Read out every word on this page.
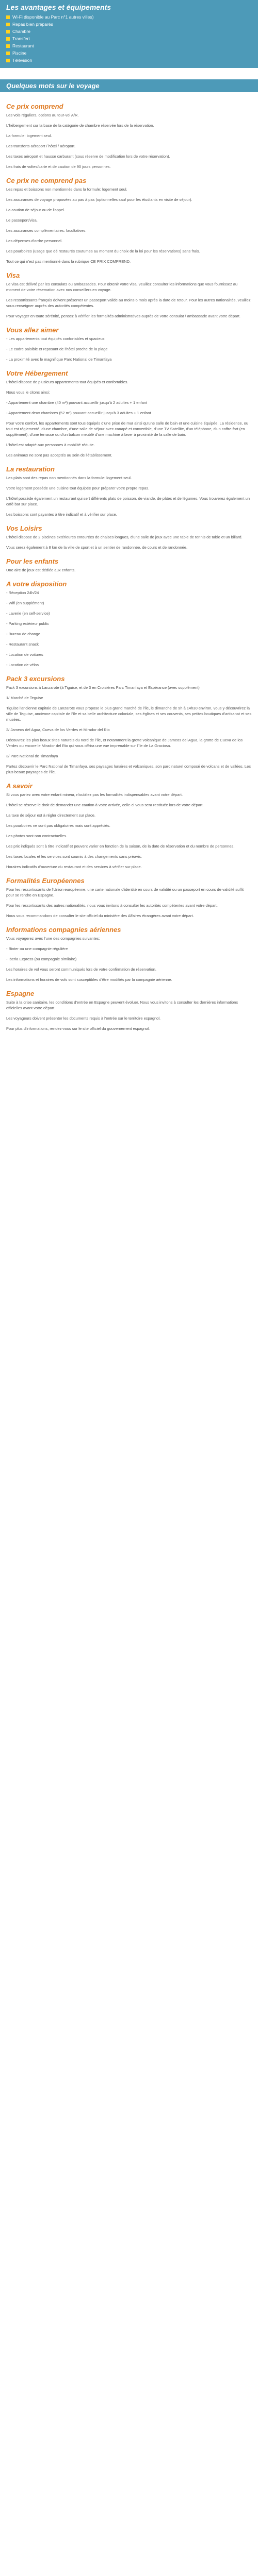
Les avantages et équipements
Wi-Fi disponible au Parc n°1 autres villes)
Repas bien préparés
Chambre
Transfert
Restaurant
Piscine
Télévision
Quelques mots sur le voyage
Ce prix comprend

Les vols réguliers, options au tour-vol A/R.

L'hébergement sur la base de la catégorie de chambre réservée lors de la réservation.

La formule: logement seul.

Les transferts aéroport / hôtel / aéroport.

Les taxes aéroport et hausse carburant (sous réserve de modification lors de votre réservation).

Les frais de voltes/carte et de caution de 90 jours personnes.

Ce prix ne comprend pas

Les repas et boissons non mentionnés dans la formule: logement seul.

Les assurances de voyage proposées au pas à pas (optionnelles sauf pour les étudiants en visite de séjour).

La caution de séjour ou de l'appel.

Le passeport/visa.

Les assurances complémentaires: facultatives.

Les dépenses d'ordre personnel.

Les pourboires (usage que dé restaurés coutumes au moment du choix de la loi pour les réservations) sans frais.

Tout ce qui n'est pas mentionné dans la rubrique CE PRIX COMPREND.

Visa

Le visa est délivré par les consulats ou ambassades. Pour obtenir votre visa, veuillez consulter les informations que vous fournissez au moment de votre réservation avec nos conseillers en voyage.

Les ressortissants français doivent présenter un passeport valide au moins 6 mois après la date de retour. Pour les autres nationalités, veuillez vous renseigner auprès des autorités compétentes.

Pour voyager en toute sérénité, pensez à vérifier les formalités administratives auprès de votre consulat / ambassade avant votre départ.

Vous allez aimer

- Les appartements tout équipés confortables et spacieux

- Le cadre paisible et reposant de l'hôtel proche de la plage

- La proximité avec le magnifique Parc National de Timanfaya

Votre Hébergement

L'hôtel dispose de plusieurs appartements tout équipés et confortables.

Nous vous le citons ainsi:

- Appartement une chambre (40 m²) pouvant accueillir jusqu'à 2 adultes + 1 enfant

- Appartement deux chambres (52 m²) pouvant accueillir jusqu'à 3 adultes + 1 enfant

Pour votre confort, les appartements sont tous équipés d'une prise de mur ainsi qu'une salle de bain et une cuisine équipée. La résidence, ou tout est réglementé, d'une chambre, d'une salle de séjour avec canapé et convertible, d'une TV Satellite, d'un téléphone, d'un coffre-fort (en supplément), d'une terrasse ou d'un balcon meublé d'une machine à laver à proximité de la salle de bain.

L'hôtel est adapté aux personnes à mobilité réduite.

Les animaux ne sont pas acceptés au sein de l'établissement.

La restauration

Les plats sont des repas non mentionnés dans la formule: logement seul.

Votre logement possède une cuisine tout équipée pour préparer votre propre repas.

L'hôtel possède également un restaurant qui sert différents plats de poisson, de viande, de pâtes et de légumes. Vous trouverez également un café bar sur place.

Les boissons sont payantes à titre indicatif et à vérifier sur place.

Vos Loisirs

L'hôtel dispose de 2 piscines extérieures entourées de chaises longues, d'une salle de jeux avec une table de tennis de table et un billard.

Vous serez également à 8 km de la ville de sport et à un sentier de randonnée, de cours et de randonnée.

Pour les enfants

Une aire de jeux est dédiée aux enfants.

A votre disposition

- Réception 24h/24

- Wifi (en supplément)

- Laverie (en self-service)

- Parking extérieur public

- Bureau de change

- Restaurant snack

- Location de voitures

- Location de vélos

Pack 3 excursions

Pack 3 excursions à Lanzarote (à Tiguise, et de 3 en Croisières Parc Timanfaya et Espérance (avec supplément)

1/ Marché de Teguise

Tiguise l'ancienne capitale de Lanzarote vous propose le plus grand marché de l'île, le dimanche de 9h à 14h30 environ, vous y découvrirez la ville de Teguise, ancienne capitale de l'île et sa belle architecture coloniale, ses églises et ses couvents, ses petites boutiques d'artisanat et ses musées.

2/ Jameos del Agua, Cueva de los Verdes et Mirador del Rio

Découvrez les plus beaux sites naturels du nord de l'île, et notamment la grotte volcanique de Jameos del Agua, la grotte de Cueva de los Verdes ou encore le Mirador del Rio qui vous offrira une vue imprenable sur l'île de La Graciosa.

3/ Parc National de Timanfaya

Partez découvrir le Parc National de Timanfaya, ses paysages lunaires et volcaniques, son parc naturel composé de volcans et de vallées. Les plus beaux paysages de l'île.

A savoir

Si vous partez avec votre enfant mineur, n'oubliez pas les formalités indispensables avant votre départ.

L'hôtel se réserve le droit de demander une caution à votre arrivée, celle-ci vous sera restituée lors de votre départ.

La taxe de séjour est à régler directement sur place.

Les pourboires ne sont pas obligatoires mais sont appréciés.

Les photos sont non contractuelles.

Les prix indiqués sont à titre indicatif et peuvent varier en fonction de la saison, de la date de réservation et du nombre de personnes.

Les taxes locales et les services sont soumis à des changements sans préavis.

Horaires indicatifs d'ouverture du restaurant et des services à vérifier sur place.

Formalités Européennes

Pour les ressortissants de l'Union européenne, une carte nationale d'identité en cours de validité ou un passeport en cours de validité suffit pour se rendre en Espagne.

Pour les ressortissants des autres nationalités, nous vous invitons à consulter les autorités compétentes avant votre départ.

Nous vous recommandons de consulter le site officiel du ministère des Affaires étrangères avant votre départ.

Informations compagnies aériennes

Vous voyagerez avec l'une des compagnies suivantes:

- Binter ou une compagnie régulière

- Iberia Express (ou compagnie similaire)

Les horaires de vol vous seront communiqués lors de votre confirmation de réservation.

Les informations et horaires de vols sont susceptibles d'être modifiés par la compagnie aérienne.

Espagne

Suite à la crise sanitaire, les conditions d'entrée en Espagne peuvent évoluer. Nous vous invitons à consulter les dernières informations officielles avant votre départ.

Les voyageurs doivent présenter les documents requis à l'entrée sur le territoire espagnol.

Pour plus d'informations, rendez-vous sur le site officiel du gouvernement espagnol.
